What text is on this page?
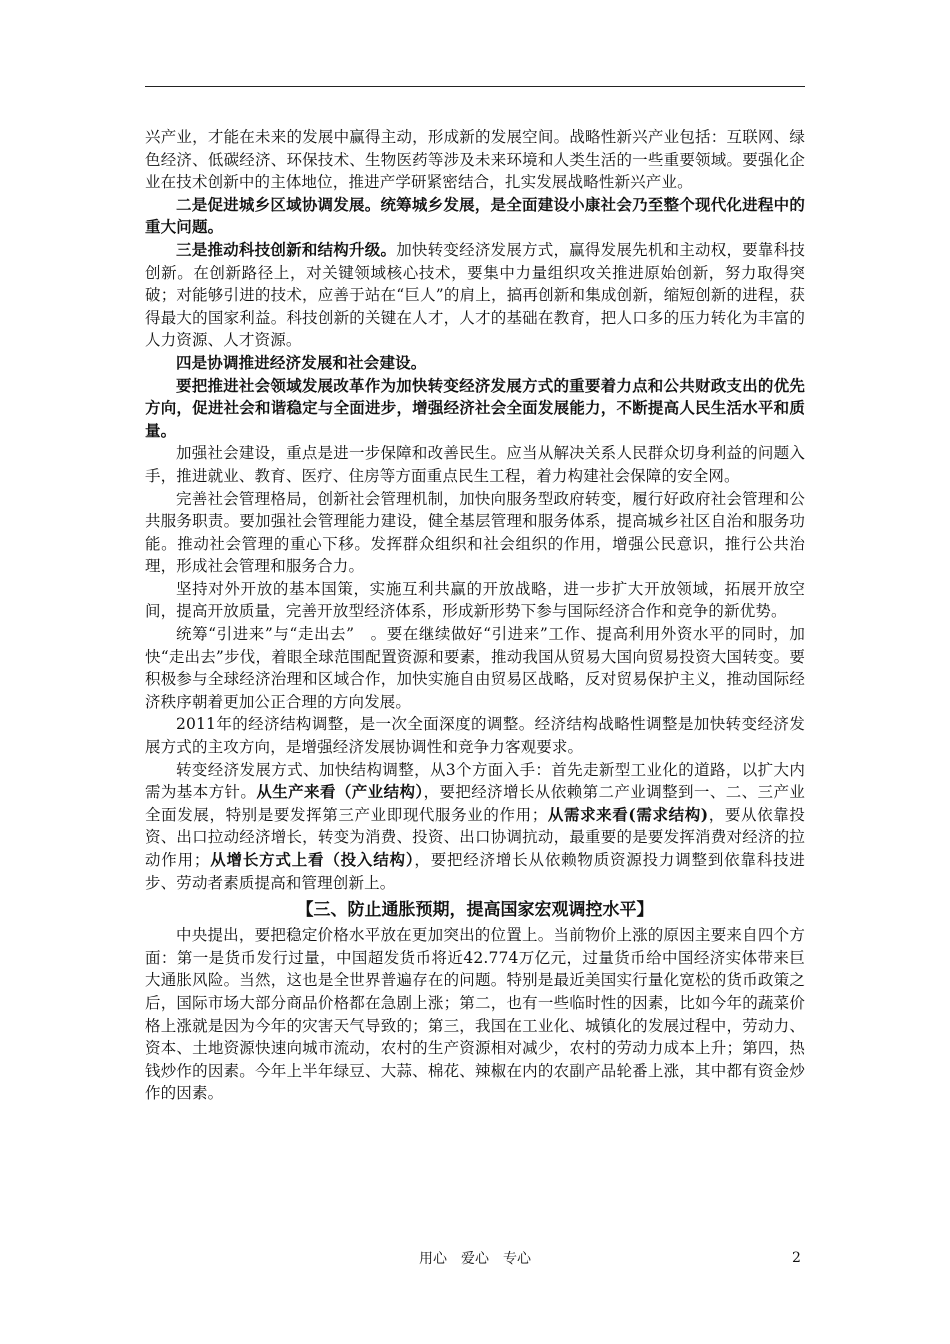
兴产业，才能在未来的发展中赢得主动，形成新的发展空间。战略性新兴产业包括：互联网、绿色经济、低碳经济、环保技术、生物医药等涉及未来环境和人类生活的一些重要领域。要强化企业在技术创新中的主体地位，推进产学研紧密结合，扎实发展战略性新兴产业。

二是促进城乡区域协调发展。统筹城乡发展，是全面建设小康社会乃至整个现代化进程中的重大问题。

三是推动科技创新和结构升级。加快转变经济发展方式，赢得发展先机和主动权，要靠科技创新。在创新路径上，对关键领域核心技术，要集中力量组织攻关推进原始创新，努力取得突破；对能够引进的技术，应善于站在“巨人”的肩上，搞再创新和集成创新，缩短创新的进程，获得最大的国家利益。科技创新的关键在人才，人才的基础在教育，把人口多的压力转化为丰富的人力资源、人才资源。

四是协调推进经济发展和社会建设。

要把推进社会领域发展改革作为加快转变经济发展方式的重要着力点和公共财政支出的优先方向，促进社会和谐稳定与全面进步，增强经济社会全面发展能力，不断提高人民生活水平和质量。

加强社会建设，重点是进一步保障和改善民生。应当从解决关系人民群众切身利益的问题入手，推进就业、教育、医疗、住房等方面重点民生工程，着力构建社会保障的安全网。

完善社会管理格局，创新社会管理机制，加快向服务型政府转变，履行好政府社会管理和公共服务职责。要加强社会管理能力建设，健全基层管理和服务体系，提高城乡社区自治和服务功能。推动社会管理的重心下移。发挥群众组织和社会组织的作用，增强公民意识，推行公共治理，形成社会管理和服务合力。

坚持对外开放的基本国策，实施互利共赢的开放战略，进一步扩大开放领域，拓展开放空间，提高开放质量，完善开放型经济体系，形成新形势下参与国际经济合作和竞争的新优势。

统筹“引进来”与“走出去”　。要在继续做好“引进来”工作、提高利用外资水平的同时，加快“走出去”步伐，着眼全球范围配置资源和要素，推动我国从贸易大国向贸易投资大国转变。要积极参与全球经济治理和区域合作，加快实施自由贸易区战略，反对贸易保护主义，推动国际经济秩序朝着更加公正合理的方向发展。

2011年的经济结构调整，是一次全面深度的调整。经济结构战略性调整是加快转变经济发展方式的主攻方向，是增强经济发展协调性和竞争力客观要求。

转变经济发展方式、加快结构调整，从3个方面入手：首先走新型工业化的道路，以扩大内需为基本方针。从生产来看（产业结构），要把经济增长从依赖第二产业调整到一、二、三产业全面发展，特别是要发挥第三产业即现代服务业的作用；从需求来看(需求结构)，要从依靠投资、出口拉动经济增长，转变为消费、投资、出口协调抗动，最重要的是要发挥消费对经济的拉动作用；从增长方式上看（投入结构），要把经济增长从依赖物质资源投力调整到依靠科技进步、劳动者素质提高和管理创新上。

【三、防止通胀预期，提高国家宏观调控水平】

中央提出，要把稳定价格水平放在更加突出的位置上。当前物价上涨的原因主要来自四个方面：第一是货币发行过量，中国超发货币将近42.774万亿元，过量货币给中国经济实体带来巨大通胀风险。当然，这也是全世界普遍存在的问题。特别是最近美国实行量化宽松的货币政策之后，国际市场大部分商品价格都在急剧上涨；第二，也有一些临时性的因素，比如今年的蔬菜价格上涨就是因为今年的灾害天气导致的；第三，我国在工业化、城镇化的发展过程中，劳动力、资本、土地资源快速向城市流动，农村的生产资源相对减少，农村的劳动力成本上升；第四，热钱炒作的因素。今年上半年绿豆、大蒜、棉花、辣椒在内的农副产品轮番上涨，其中都有资金炒作的因素。

用心　爱心　专心	2
